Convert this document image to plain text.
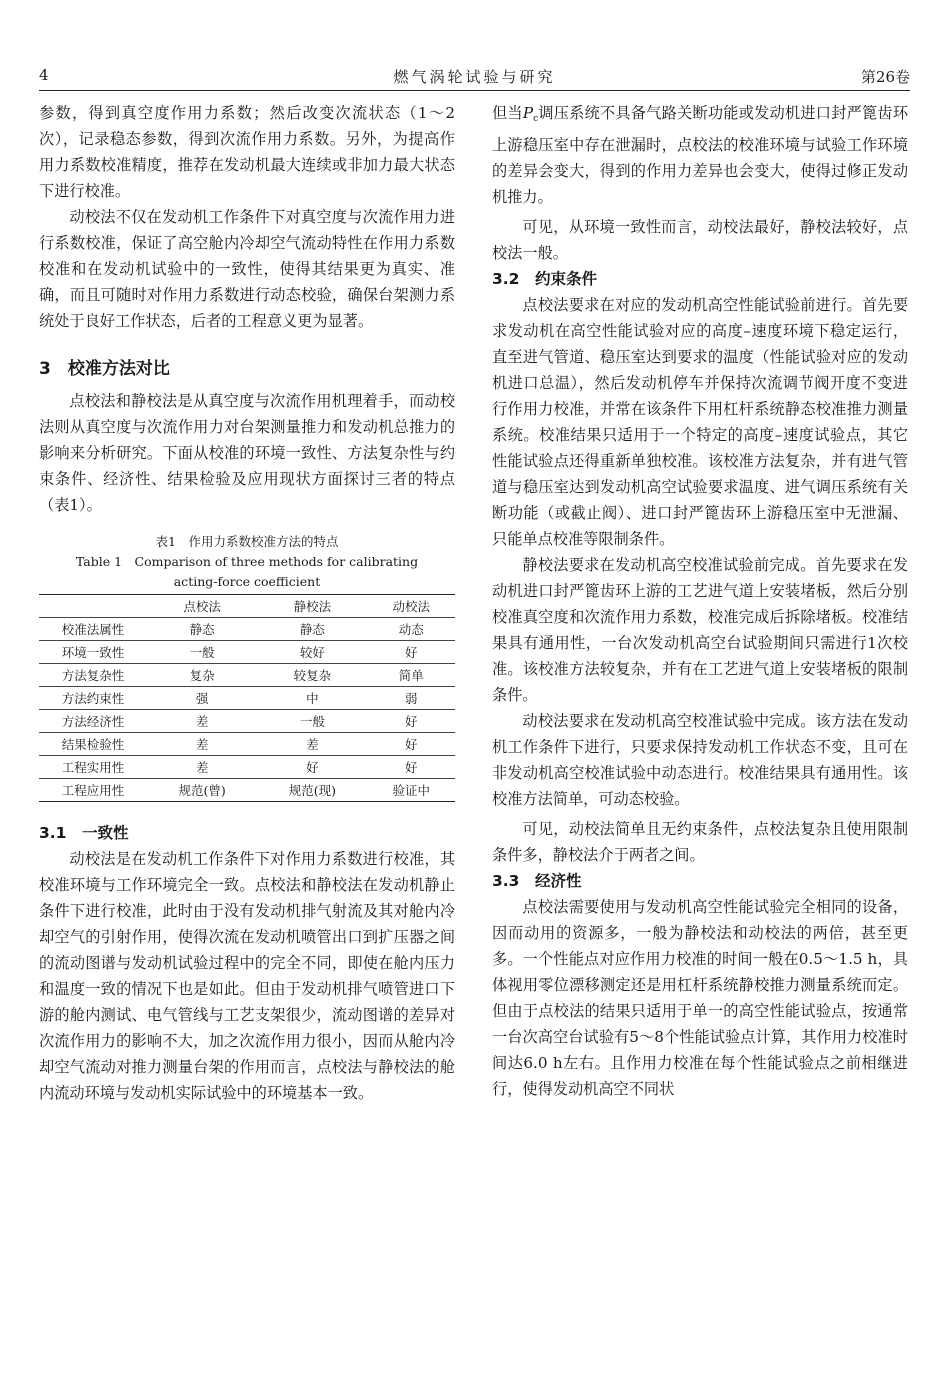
4	燃气涡轮试验与研究	第26卷

参数，得到真空度作用力系数；然后改变次流状态（1～2次），记录稳态参数，得到次流作用力系数。另外，为提高作用力系数校准精度，推荐在发动机最大连续或非加力最大状态下进行校准。

动校法不仅在发动机工作条件下对真空度与次流作用力进行系数校准，保证了高空舱内冷却空气流动特性在作用力系数校准和在发动机试验中的一致性，使得其结果更为真实、准确，而且可随时对作用力系数进行动态校验，确保台架测力系统处于良好工作状态，后者的工程意义更为显著。

3　校准方法对比

点校法和静校法是从真空度与次流作用机理着手，而动校法则从真空度与次流作用力对台架测量推力和发动机总推力的影响来分析研究。下面从校准的环境一致性、方法复杂性与约束条件、经济性、结果检验及应用现状方面探讨三者的特点（表1）。

表1　作用力系数校准方法的特点

Table 1　Comparison of three methods for calibrating

acting-force coefficient

	点校法	静校法	动校法
校准法属性	静态	静态	动态
环境一致性	一般	较好	好
方法复杂性	复杂	较复杂	简单
方法约束性	强	中	弱
方法经济性	差	一般	好
结果检验性	差	差	好
工程实用性	差	好	好
工程应用性	规范(曾)	规范(现)	验证中
3.1　一致性

动校法是在发动机工作条件下对作用力系数进行校准，其校准环境与工作环境完全一致。点校法和静校法在发动机静止条件下进行校准，此时由于没有发动机排气射流及其对舱内冷却空气的引射作用，使得次流在发动机喷管出口到扩压器之间的流动图谱与发动机试验过程中的完全不同，即使在舱内压力和温度一致的情况下也是如此。但由于发动机排气喷管进口下游的舱内测试、电气管线与工艺支架很少，流动图谱的差异对次流作用力的影响不大，加之次流作用力很小，因而从舱内冷却空气流动对推力测量台架的作用而言，点校法与静校法的舱内流动环境与发动机实际试验中的环境基本一致。

但当$P_c$调压系统不具备气路关断功能或发动机进口封严篦齿环上游稳压室中存在泄漏时，点校法的校准环境与试验工作环境的差异会变大，得到的作用力差异也会变大，使得过修正发动机推力。

可见，从环境一致性而言，动校法最好，静校法较好，点校法一般。

3.2　约束条件

点校法要求在对应的发动机高空性能试验前进行。首先要求发动机在高空性能试验对应的高度–速度环境下稳定运行，直至进气管道、稳压室达到要求的温度（性能试验对应的发动机进口总温），然后发动机停车并保持次流调节阀开度不变进行作用力校准，并常在该条件下用杠杆系统静态校准推力测量系统。校准结果只适用于一个特定的高度–速度试验点，其它性能试验点还得重新单独校准。该校准方法复杂，并有进气管道与稳压室达到发动机高空试验要求温度、进气调压系统有关断功能（或截止阀）、进口封严篦齿环上游稳压室中无泄漏、只能单点校准等限制条件。

静校法要求在发动机高空校准试验前完成。首先要求在发动机进口封严篦齿环上游的工艺进气道上安装堵板，然后分别校准真空度和次流作用力系数，校准完成后拆除堵板。校准结果具有通用性，一台次发动机高空台试验期间只需进行1次校准。该校准方法较复杂，并有在工艺进气道上安装堵板的限制条件。

动校法要求在发动机高空校准试验中完成。该方法在发动机工作条件下进行，只要求保持发动机工作状态不变，且可在非发动机高空校准试验中动态进行。校准结果具有通用性。该校准方法简单，可动态校验。

可见，动校法简单且无约束条件，点校法复杂且使用限制条件多，静校法介于两者之间。

3.3　经济性

点校法需要使用与发动机高空性能试验完全相同的设备，因而动用的资源多，一般为静校法和动校法的两倍，甚至更多。一个性能点对应作用力校准的时间一般在0.5～1.5 h，具体视用零位漂移测定还是用杠杆系统静校推力测量系统而定。但由于点校法的结果只适用于单一的高空性能试验点，按通常一台次高空台试验有5～8个性能试验点计算，其作用力校准时间达6.0 h左右。且作用力校准在每个性能试验点之前相继进行，使得发动机高空不同状
